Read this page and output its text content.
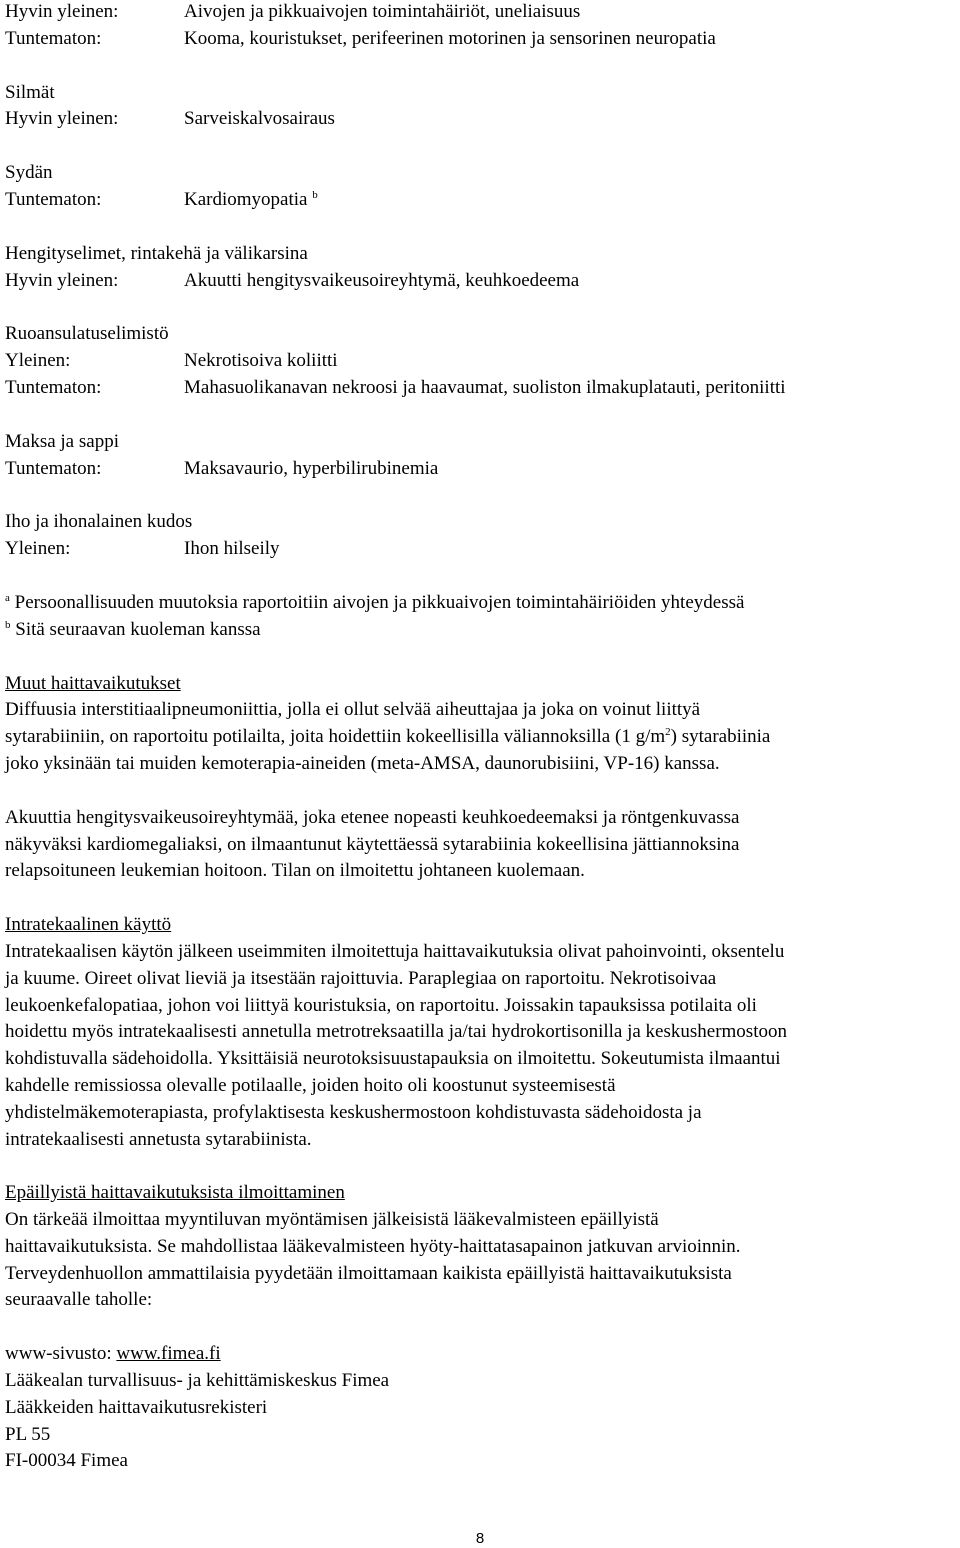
Hyvin yleinen:	Aivojen ja pikkuaivojen toimintahäiriöt, uneliaisuus
Tuntematon:	Kooma, kouristukset, perifeerinen motorinen ja sensorinen neuropatia
Silmät
Hyvin yleinen:	Sarveiskalvosairaus
Sydän
Tuntematon:	Kardiomyopatia $^b$
Hengityselimet, rintakehä ja välikarsina
Hyvin yleinen:	Akuutti hengitysvaikeusoireyhtymä, keuhkoedeema
Ruoansulatuselimistö
Yleinen:	Nekrotisoiva koliitti
Tuntematon:	Mahasuolikanavan nekroosi ja haavaumat, suoliston ilmakuplatauti, peritoniitti
Maksa ja sappi
Tuntematon:	Maksavaurio, hyperbilirubinemia
Iho ja ihonalainen kudos
Yleinen:	Ihon hilseily
$^a$ Persoonallisuuden muutoksia raportoitiin aivojen ja pikkuaivojen toimintahäiriöiden yhteydessä
$^b$ Sitä seuraavan kuoleman kanssa
Muut haittavaikutukset
Diffuusia interstitiaalipneumoniittia, jolla ei ollut selvää aiheuttajaa ja joka on voinut liittyä
sytarabiiniin, on raportoitu potilailta, joita hoidettiin kokeellisilla väliannoksilla (1 $g/m^2$) sytarabiinia
joko yksinään tai muiden kemoterapia-aineiden (meta-AMSA, daunorubisiini, VP-16) kanssa.
Akuuttia hengitysvaikeusoireyhtymää, joka etenee nopeasti keuhkoedeemaksi ja röntgenkuvassa
näkyväksi kardiomegaliaksi, on ilmaantunut käytettäessä sytarabiinia kokeellisina jättiannoksina
relapsoituneen leukemian hoitoon. Tilan on ilmoitettu johtaneen kuolemaan.
Intratekaalinen käyttö
Intratekaalisen käytön jälkeen useimmiten ilmoitettuja haittavaikutuksia olivat pahoinvointi, oksentelu
ja kuume. Oireet olivat lieviä ja itsestään rajoittuvia. Paraplegiaa on raportoitu. Nekrotisoivaa
leukoenkefalopatiaa, johon voi liittyä kouristuksia, on raportoitu. Joissakin tapauksissa potilaita oli
hoidettu myös intratekaalisesti annetulla metrotreksaatilla ja/tai hydrokortisonilla ja keskushermostoon
kohdistuvalla sädehoidolla. Yksittäisiä neurotoksisuustapauksia on ilmoitettu. Sokeutumista ilmaantui
kahdelle remissiossa olevalle potilaalle, joiden hoito oli koostunut systeemisestä
yhdistelmäkemoterapiasta, profylaktisesta keskushermostoon kohdistuvasta sädehoidosta ja
intratekaalisesti annetusta sytarabiinista.
Epäillyistä haittavaikutuksista ilmoittaminen
On tärkeää ilmoittaa myyntiluvan myöntämisen jälkeisistä lääkevalmisteen epäillyistä
haittavaikutuksista. Se mahdollistaa lääkevalmisteen hyöty-haittatasapainon jatkuvan arvioinnin.
Terveydenhuollon ammattilaisia pyydetään ilmoittamaan kaikista epäillyistä haittavaikutuksista
seuraavalle taholle:
www-sivusto: www.fimea.fi
Lääkealan turvallisuus- ja kehittämiskeskus Fimea
Lääkkeiden haittavaikutusrekisteri
PL 55
FI-00034 Fimea
8
